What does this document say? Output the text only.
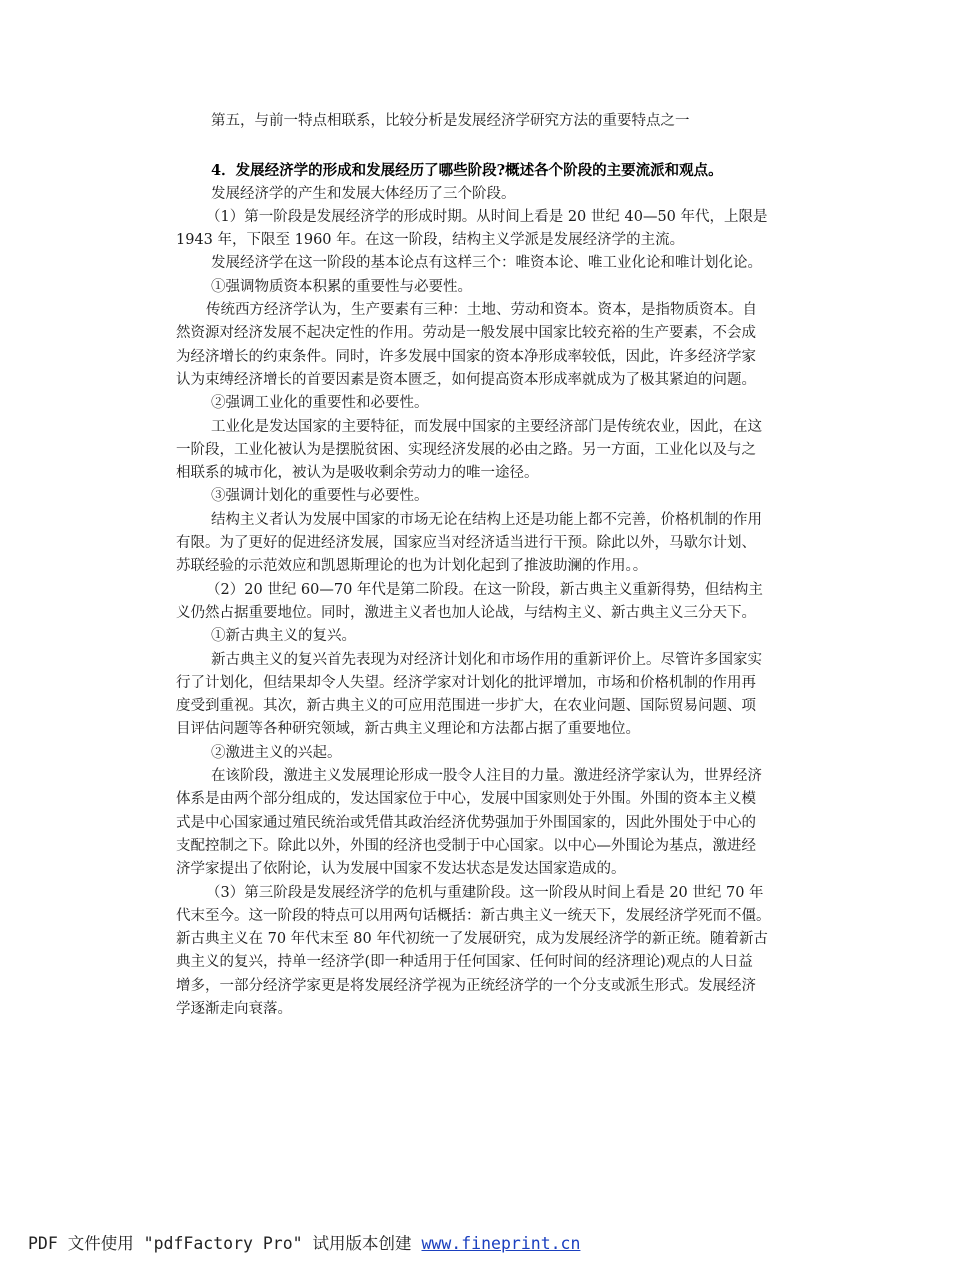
第五，与前一特点相联系，比较分析是发展经济学研究方法的重要特点之一
4．发展经济学的形成和发展经历了哪些阶段?概述各个阶段的主要流派和观点。
发展经济学的产生和发展大体经历了三个阶段。
（1）第一阶段是发展经济学的形成时期。从时间上看是 20 世纪 40—50 年代，上限是
1943 年，下限至 1960 年。在这一阶段，结构主义学派是发展经济学的主流。
发展经济学在这一阶段的基本论点有这样三个：唯资本论、唯工业化论和唯计划化论。
①强调物质资本积累的重要性与必要性。
传统西方经济学认为，生产要素有三种：土地、劳动和资本。资本，是指物质资本。自
然资源对经济发展不起决定性的作用。劳动是一般发展中国家比较充裕的生产要素，不会成
为经济增长的约束条件。同时，许多发展中国家的资本净形成率较低，因此，许多经济学家
认为束缚经济增长的首要因素是资本匮乏，如何提高资本形成率就成为了极其紧迫的问题。
②强调工业化的重要性和必要性。
工业化是发达国家的主要特征，而发展中国家的主要经济部门是传统农业，因此，在这
一阶段，工业化被认为是摆脱贫困、实现经济发展的必由之路。另一方面，工业化以及与之
相联系的城市化，被认为是吸收剩余劳动力的唯一途径。
③强调计划化的重要性与必要性。
结构主义者认为发展中国家的市场无论在结构上还是功能上都不完善，价格机制的作用
有限。为了更好的促进经济发展，国家应当对经济适当进行干预。除此以外，马歇尔计划、
苏联经验的示范效应和凯恩斯理论的也为计划化起到了推波助澜的作用。。
（2）20 世纪 60—70 年代是第二阶段。在这一阶段，新古典主义重新得势，但结构主
义仍然占据重要地位。同时，激进主义者也加人论战，与结构主义、新古典主义三分天下。
①新古典主义的复兴。
新古典主义的复兴首先表现为对经济计划化和市场作用的重新评价上。尽管许多国家实
行了计划化，但结果却令人失望。经济学家对计划化的批评增加，市场和价格机制的作用再
度受到重视。其次，新古典主义的可应用范围进一步扩大，在农业问题、国际贸易问题、项
目评估问题等各种研究领域，新古典主义理论和方法都占据了重要地位。
②激进主义的兴起。
在该阶段，激进主义发展理论形成一股令人注目的力量。激进经济学家认为，世界经济
体系是由两个部分组成的，发达国家位于中心，发展中国家则处于外围。外围的资本主义模
式是中心国家通过殖民统治或凭借其政治经济优势强加于外围国家的，因此外围处于中心的
支配控制之下。除此以外，外围的经济也受制于中心国家。以中心—外围论为基点，激进经
济学家提出了依附论，认为发展中国家不发达状态是发达国家造成的。
（3）第三阶段是发展经济学的危机与重建阶段。这一阶段从时间上看是 20 世纪 70 年
代末至今。这一阶段的特点可以用两句话概括：新古典主义一统天下，发展经济学死而不僵。
新古典主义在 70 年代末至 80 年代初统一了发展研究，成为发展经济学的新正统。随着新古
典主义的复兴，持单一经济学(即一种适用于任何国家、任何时间的经济理论)观点的人日益
增多，一部分经济学家更是将发展经济学视为正统经济学的一个分支或派生形式。发展经济
学逐渐走向衰落。
PDF 文件使用 "pdfFactory Pro" 试用版本创建 www.fineprint.cn
